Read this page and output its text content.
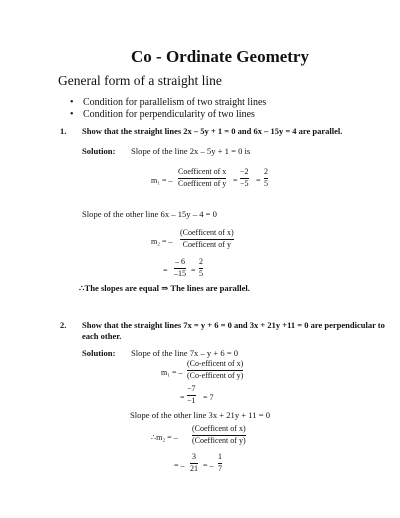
Co - Ordinate Geometry
General form of a straight line
• Condition for parallelism of two straight lines
• Condition for perpendicularity of two lines
1. Show that the straight lines 2x – 5y + 1 = 0 and 6x – 15y = 4 are parallel.
Solution: Slope of the line 2x – 5y + 1 = 0 is
m₁ = –
Coefficent of x
Coefficent of y =
−2
−5 =
2
5
Slope of the other line 6x – 15y – 4 = 0
m₂ = –
(Coefficent of x)
Coefficent of y
=
– 6
–15 =
2
5
∴The slopes are equal ⇒ The lines are parallel.
2. Show that the straight lines 7x = y + 6 = 0 and 3x + 21y +11 = 0 are perpendicular to
each other.
Solution: Slope of the line 7x – y + 6 = 0
m₁ = –
(Co-efficent of x)
(Co-efficent of y)
=
−7
−1 = 7
Slope of the other line 3x + 21y + 11 = 0
∴m₂ = –
(Coefficent of x)
(Coefficent of y)
= –
3
21 = –
1
7
